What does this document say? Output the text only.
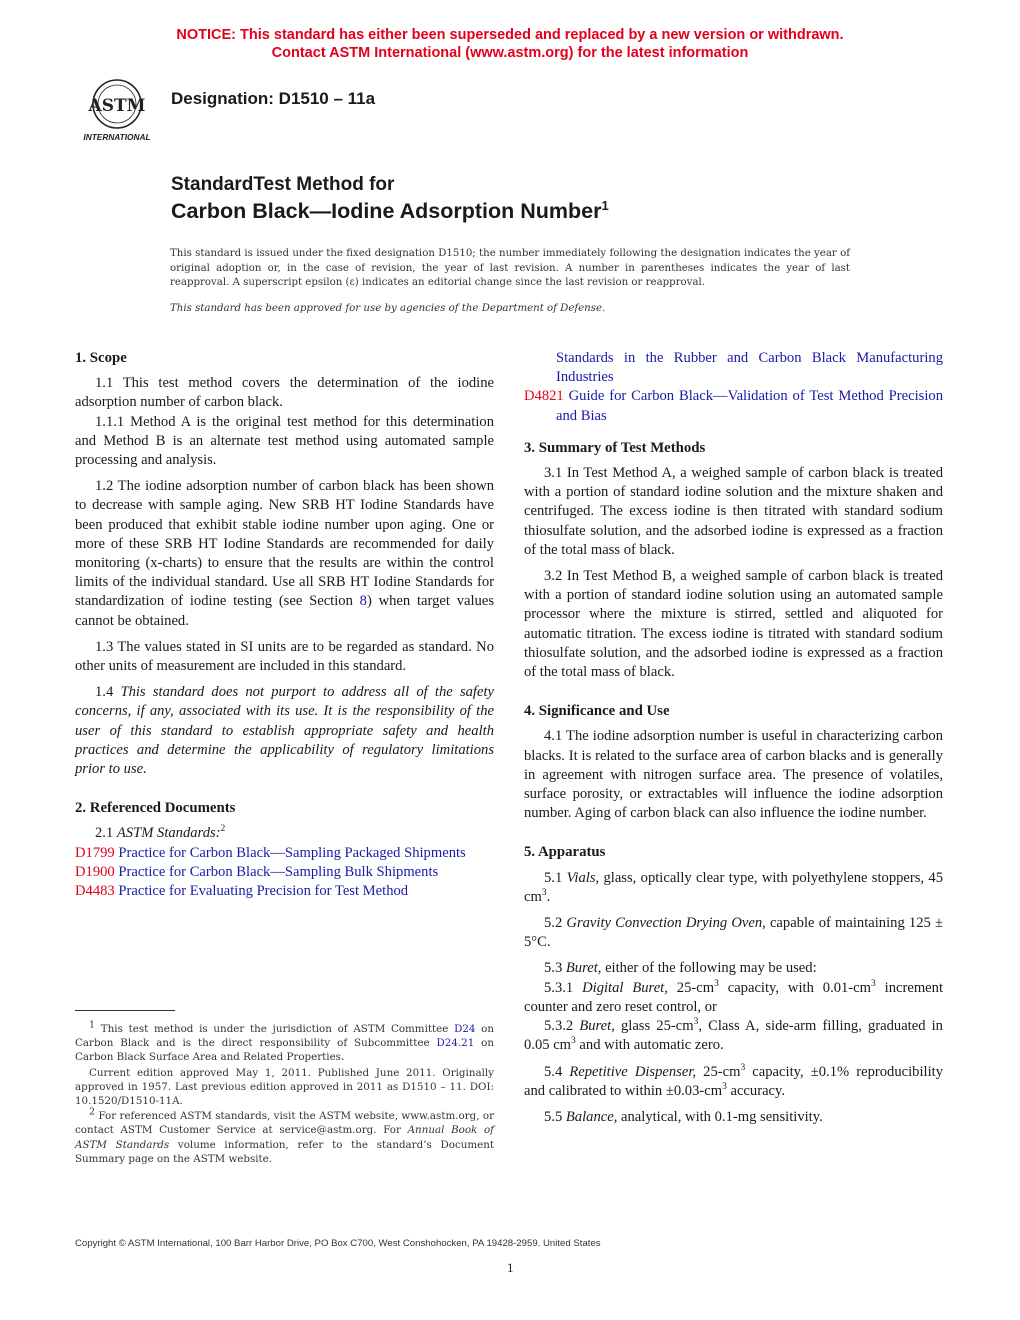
NOTICE: This standard has either been superseded and replaced by a new version or withdrawn.
Contact ASTM International (www.astm.org) for the latest information
ASTM
INTERNATIONAL
Designation: D1510 – 11a
StandardTest Method for
Carbon Black—Iodine Adsorption Number$^1$
This standard is issued under the fixed designation D1510; the number immediately following the designation indicates the year of original adoption or, in the case of revision, the year of last revision. A number in parentheses indicates the year of last reapproval. A superscript epsilon (ε) indicates an editorial change since the last revision or reapproval.
This standard has been approved for use by agencies of the Department of Defense.
1. Scope

1.1 This test method covers the determination of the iodine adsorption number of carbon black.

1.1.1 Method A is the original test method for this determination and Method B is an alternate test method using automated sample processing and analysis.

1.2 The iodine adsorption number of carbon black has been shown to decrease with sample aging. New SRB HT Iodine Standards have been produced that exhibit stable iodine number upon aging. One or more of these SRB HT Iodine Standards are recommended for daily monitoring (x-charts) to ensure that the results are within the control limits of the individual standard. Use all SRB HT Iodine Standards for standardization of iodine testing (see Section 8) when target values cannot be obtained.

1.3 The values stated in SI units are to be regarded as standard. No other units of measurement are included in this standard.

1.4 This standard does not purport to address all of the safety concerns, if any, associated with its use. It is the responsibility of the user of this standard to establish appropriate safety and health practices and determine the applicability of regulatory limitations prior to use.

2. Referenced Documents

2.1 ASTM Standards:$^2$

D1799 Practice for Carbon Black—Sampling Packaged Shipments

D1900 Practice for Carbon Black—Sampling Bulk Shipments

D4483 Practice for Evaluating Precision for Test Method

Standards in the Rubber and Carbon Black Manufacturing Industries

D4821 Guide for Carbon Black—Validation of Test Method Precision and Bias

3. Summary of Test Methods

3.1 In Test Method A, a weighed sample of carbon black is treated with a portion of standard iodine solution and the mixture shaken and centrifuged. The excess iodine is then titrated with standard sodium thiosulfate solution, and the adsorbed iodine is expressed as a fraction of the total mass of black.

3.2 In Test Method B, a weighed sample of carbon black is treated with a portion of standard iodine solution using an automated sample processor where the mixture is stirred, settled and aliquoted for automatic titration. The excess iodine is titrated with standard sodium thiosulfate solution, and the adsorbed iodine is expressed as a fraction of the total mass of black.

4. Significance and Use

4.1 The iodine adsorption number is useful in characterizing carbon blacks. It is related to the surface area of carbon blacks and is generally in agreement with nitrogen surface area. The presence of volatiles, surface porosity, or extractables will influence the iodine adsorption number. Aging of carbon black can also influence the iodine number.

5. Apparatus

5.1 Vials, glass, optically clear type, with polyethylene stoppers, 45 $cm^3$.

5.2 Gravity Convection Drying Oven, capable of maintaining 125 ± 5°C.

5.3 Buret, either of the following may be used:

5.3.1 Digital Buret, $25-cm^3$ capacity, with $0.01-cm^3$ increment counter and zero reset control, or

5.3.2 Buret, glass $25-cm^3$, Class A, side-arm filling, graduated in 0.05 $cm^3$ and with automatic zero.

5.4 Repetitive Dispenser, $25-cm^3$ capacity, ±0.1% reproducibility and calibrated to within $\pm 0.03-cm^3$ accuracy.

5.5 Balance, analytical, with 0.1-mg sensitivity.

$^1$ This test method is under the jurisdiction of ASTM Committee D24 on Carbon Black and is the direct responsibility of Subcommittee D24.21 on Carbon Black Surface Area and Related Properties.

Current edition approved May 1, 2011. Published June 2011. Originally approved in 1957. Last previous edition approved in 2011 as D1510 – 11. DOI: 10.1520/D1510-11A.

$^2$ For referenced ASTM standards, visit the ASTM website, www.astm.org, or contact ASTM Customer Service at service@astm.org. For Annual Book of ASTM Standards volume information, refer to the standard’s Document Summary page on the ASTM website.

Copyright © ASTM International, 100 Barr Harbor Drive, PO Box C700, West Conshohocken, PA 19428-2959. United States
1
